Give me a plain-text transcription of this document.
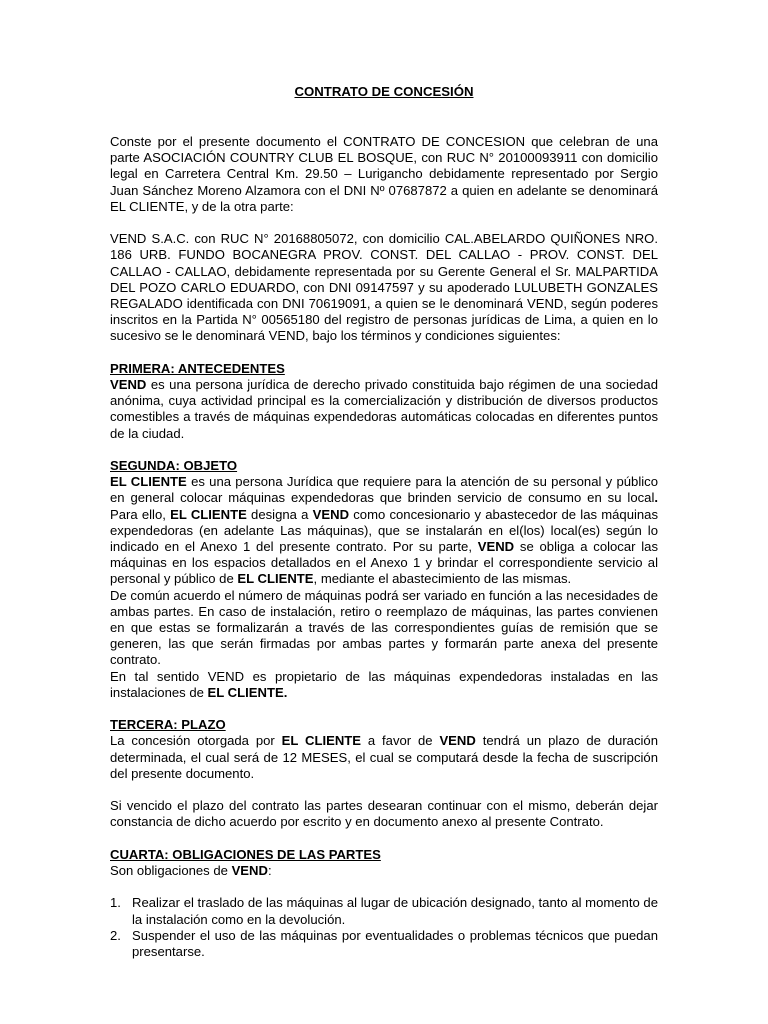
CONTRATO DE CONCESIÓN

Conste por el presente documento el CONTRATO DE CONCESION que celebran de una parte ASOCIACIÓN COUNTRY CLUB EL BOSQUE, con RUC N° 20100093911 con domicilio legal en Carretera Central Km. 29.50 – Lurigancho debidamente representado por Sergio Juan Sánchez Moreno Alzamora con el DNI Nº 07687872 a quien en adelante se denominará EL CLIENTE, y de la otra parte:

VEND S.A.C. con RUC N° 20168805072, con domicilio CAL.ABELARDO QUIÑONES NRO. 186 URB. FUNDO BOCANEGRA PROV. CONST. DEL CALLAO - PROV. CONST. DEL CALLAO - CALLAO, debidamente representada por su Gerente General el Sr. MALPARTIDA DEL POZO CARLO EDUARDO, con DNI 09147597 y su apoderado LULUBETH GONZALES REGALADO identificada con DNI 70619091, a quien se le denominará VEND, según poderes inscritos en la Partida N° 00565180 del registro de personas jurídicas de Lima, a quien en lo sucesivo se le denominará VEND, bajo los términos y condiciones siguientes:

PRIMERA: ANTECEDENTES

VEND es una persona jurídica de derecho privado constituida bajo régimen de una sociedad anónima, cuya actividad principal es la comercialización y distribución de diversos productos comestibles a través de máquinas expendedoras automáticas colocadas en diferentes puntos de la ciudad.

SEGUNDA: OBJETO

EL CLIENTE es una persona Jurídica que requiere para la atención de su personal y público en general colocar máquinas expendedoras que brinden servicio de consumo en su local. Para ello, EL CLIENTE designa a VEND como concesionario y abastecedor de las máquinas expendedoras (en adelante Las máquinas), que se instalarán en el(los) local(es) según lo indicado en el Anexo 1 del presente contrato. Por su parte, VEND se obliga a colocar las máquinas en los espacios detallados en el Anexo 1 y brindar el correspondiente servicio al personal y público de EL CLIENTE, mediante el abastecimiento de las mismas.

De común acuerdo el número de máquinas podrá ser variado en función a las necesidades de ambas partes. En caso de instalación, retiro o reemplazo de máquinas, las partes convienen en que estas se formalizarán a través de las correspondientes guías de remisión que se generen, las que serán firmadas por ambas partes y formarán parte anexa del presente contrato.

En tal sentido VEND es propietario de las máquinas expendedoras instaladas en las instalaciones de EL CLIENTE.

TERCERA: PLAZO

La concesión otorgada por EL CLIENTE a favor de VEND tendrá un plazo de duración determinada, el cual será de 12 MESES, el cual se computará desde la fecha de suscripción del presente documento.

Si vencido el plazo del contrato las partes desearan continuar con el mismo, deberán dejar constancia de dicho acuerdo por escrito y en documento anexo al presente Contrato.

CUARTA: OBLIGACIONES DE LAS PARTES

Son obligaciones de VEND:

1. Realizar el traslado de las máquinas al lugar de ubicación designado, tanto al momento de la instalación como en la devolución.
2. Suspender el uso de las máquinas por eventualidades o problemas técnicos que puedan presentarse.
